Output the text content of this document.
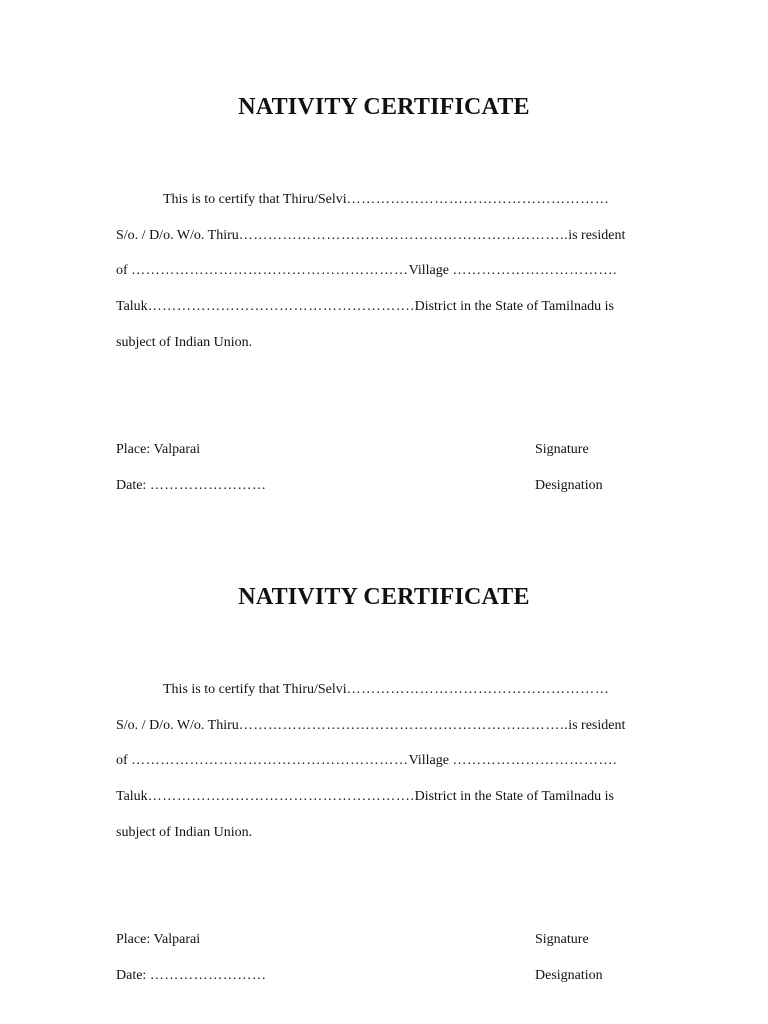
NATIVITY CERTIFICATE
This is to certify that Thiru/Selvi………………………………………………
S/o. / D/o. W/o. Thiru…………………………………………………………..is resident
of …………………………………………………Village …………………………….
Taluk……………………………………………….District in the State of Tamilnadu is
subject of Indian Union.
Place: Valparai
Date: ……………………
Signature
Designation
NATIVITY CERTIFICATE
This is to certify that Thiru/Selvi………………………………………………
S/o. / D/o. W/o. Thiru…………………………………………………………..is resident
of …………………………………………………Village …………………………….
Taluk……………………………………………….District in the State of Tamilnadu is
subject of Indian Union.
Place: Valparai
Date: ……………………
Signature
Designation
